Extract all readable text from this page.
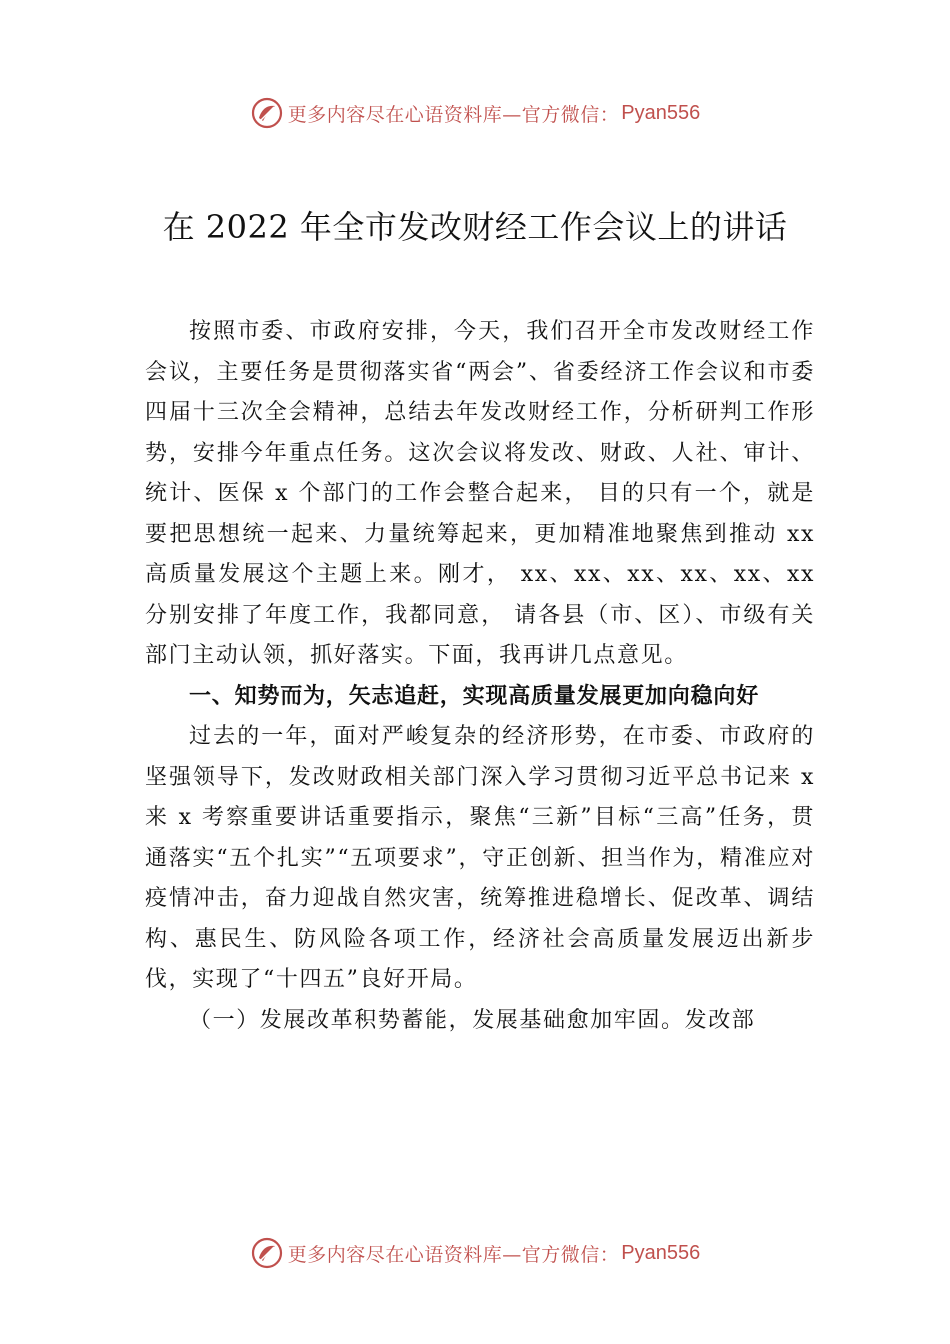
更多内容尽在心语资料库—官方微信： Pyan556
在 2022 年全市发改财经工作会议上的讲话

按照市委、市政府安排，今天，我们召开全市发改财经工作会议，主要任务是贯彻落实省“两会”、省委经济工作会议和市委四届十三次全会精神，总结去年发改财经工作，分析研判工作形势，安排今年重点任务。这次会议将发改、财政、人社、审计、统计、医保 x 个部门的工作会整合起来， 目的只有一个，就是要把思想统一起来、力量统筹起来，更加精准地聚焦到推动 xx 高质量发展这个主题上来。刚才， xx、xx、xx、xx、xx、xx 分别安排了年度工作，我都同意， 请各县（市、区）、市级有关部门主动认领，抓好落实。下面，我再讲几点意见。

一、知势而为，矢志追赶，实现高质量发展更加向稳向好

过去的一年，面对严峻复杂的经济形势，在市委、市政府的坚强领导下，发改财政相关部门深入学习贯彻习近平总书记来 x 来 x 考察重要讲话重要指示，聚焦“三新”目标“三高”任务，贯通落实“五个扎实”“五项要求”，守正创新、担当作为，精准应对疫情冲击，奋力迎战自然灾害，统筹推进稳增长、促改革、调结构、惠民生、防风险各项工作，经济社会高质量发展迈出新步伐，实现了“十四五”良好开局。

（一）发展改革积势蓄能，发展基础愈加牢固。发改部

更多内容尽在心语资料库—官方微信： Pyan556
